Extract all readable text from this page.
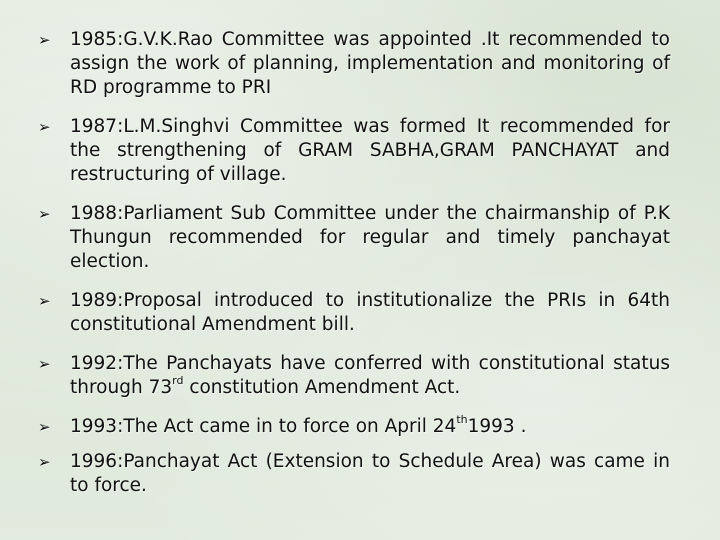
➢	1985:G.V.K.Rao Committee was appointed .It recommended to assign the work of planning, implementation and monitoring of RD programme to PRI
➢	1987:L.M.Singhvi Committee was formed It recommended for the strengthening of GRAM SABHA,GRAM PANCHAYAT and restructuring of village.
➢	1988:Parliament Sub Committee under the chairmanship of P.K Thungun recommended for regular and timely panchayat election.
➢	1989:Proposal introduced to institutionalize the PRIs in 64th constitutional Amendment bill.
➢	1992:The Panchayats have conferred with constitutional status through 73rd constitution Amendment Act.
➢	1993:The Act came in to force on April 24th1993 .
➢	1996:Panchayat Act (Extension to Schedule Area) was came in to force.
